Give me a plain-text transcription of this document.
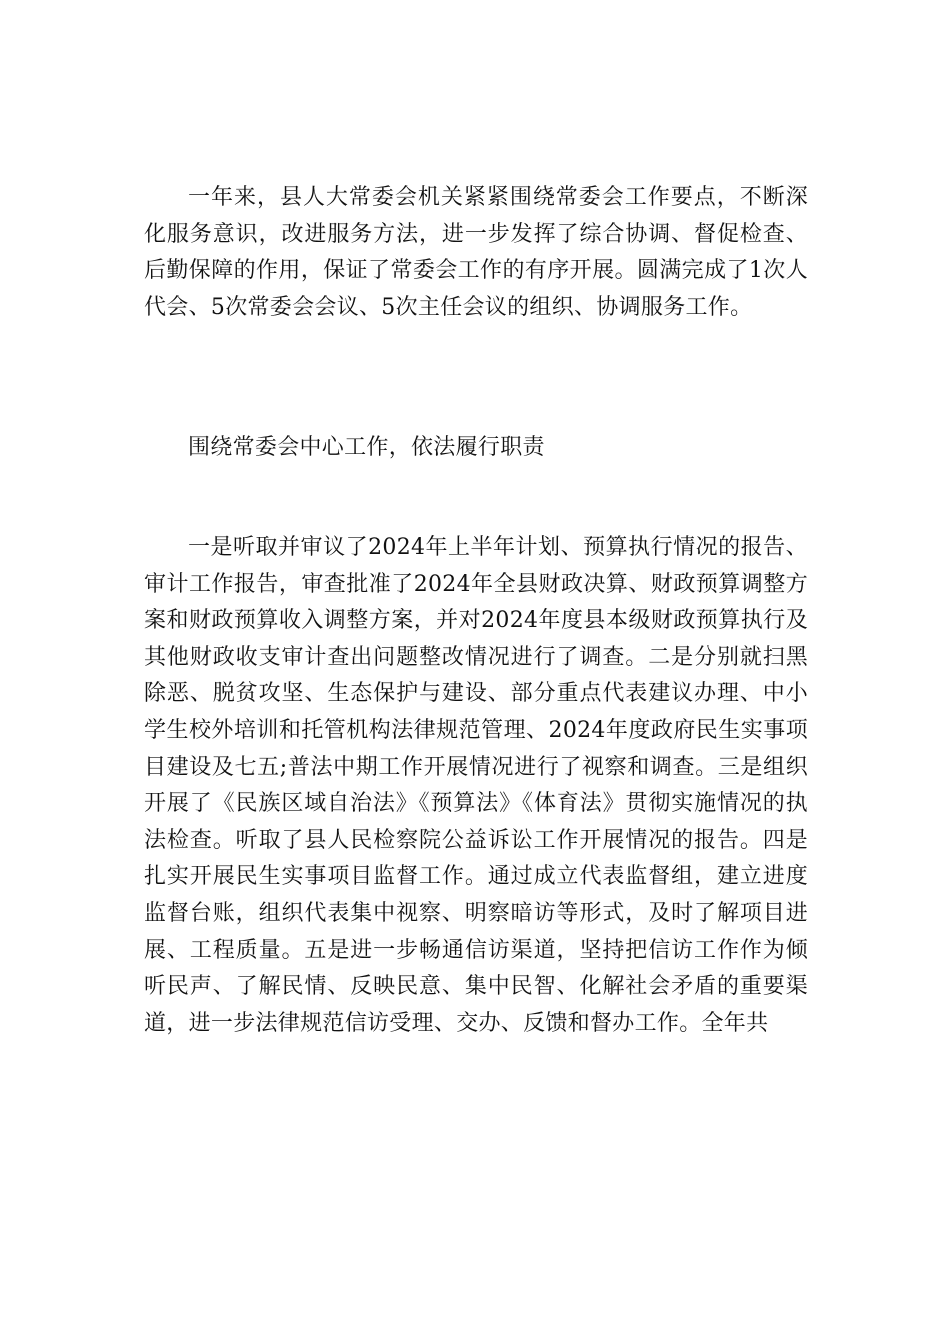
一年来，县人大常委会机关紧紧围绕常委会工作要点，不断深化服务意识，改进服务方法，进一步发挥了综合协调、督促检查、后勤保障的作用，保证了常委会工作的有序开展。圆满完成了1次人代会、5次常委会会议、5次主任会议的组织、协调服务工作。

围绕常委会中心工作，依法履行职责

一是听取并审议了2024年上半年计划、预算执行情况的报告、审计工作报告，审查批准了2024年全县财政决算、财政预算调整方案和财政预算收入调整方案，并对2024年度县本级财政预算执行及其他财政收支审计查出问题整改情况进行了调查。二是分别就扫黑除恶、脱贫攻坚、生态保护与建设、部分重点代表建议办理、中小学生校外培训和托管机构法律规范管理、2024年度政府民生实事项目建设及七五;普法中期工作开展情况进行了视察和调查。三是组织开展了《民族区域自治法》《预算法》《体育法》贯彻实施情况的执法检查。听取了县人民检察院公益诉讼工作开展情况的报告。四是扎实开展民生实事项目监督工作。通过成立代表监督组，建立进度监督台账，组织代表集中视察、明察暗访等形式，及时了解项目进展、工程质量。五是进一步畅通信访渠道，坚持把信访工作作为倾听民声、了解民情、反映民意、集中民智、化解社会矛盾的重要渠道，进一步法律规范信访受理、交办、反馈和督办工作。全年共
